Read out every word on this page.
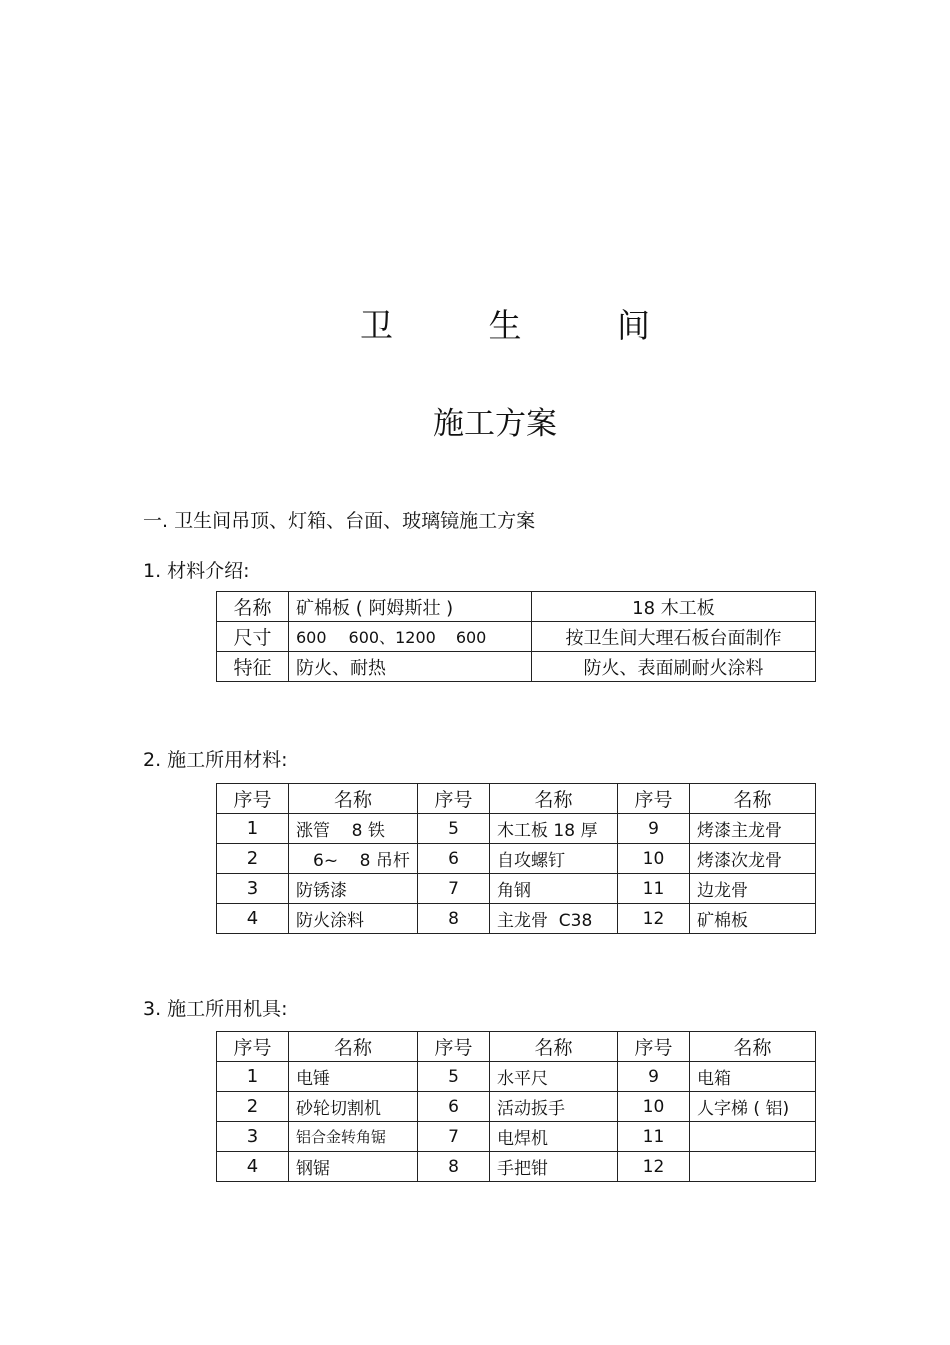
卫	生	间
施工方案
一. 卫生间吊顶、灯箱、台面、玻璃镜施工方案
1. 材料介绍:
名称	矿棉板 ( 阿姆斯壮 )	18 木工板
尺寸	600 600、1200 600	按卫生间大理石板台面制作
特征	防火、耐热	防火、表面刷耐火涂料
2. 施工所用材料:
序号	名称	序号	名称	序号	名称
1	涨管    8 铁	5	木工板 18 厚	9	烤漆主龙骨
2	6~    8 吊杆	6	自攻螺钉	10	烤漆次龙骨
3	防锈漆	7	角钢	11	边龙骨
4	防火涂料	8	主龙骨  C38	12	矿棉板
3. 施工所用机具:
序号	名称	序号	名称	序号	名称
1	电锤	5	水平尺	9	电箱
2	砂轮切割机	6	活动扳手	10	人字梯 ( 铝)
3	铝合金转角锯	7	电焊机	11	
4	钢锯	8	手把钳	12	
